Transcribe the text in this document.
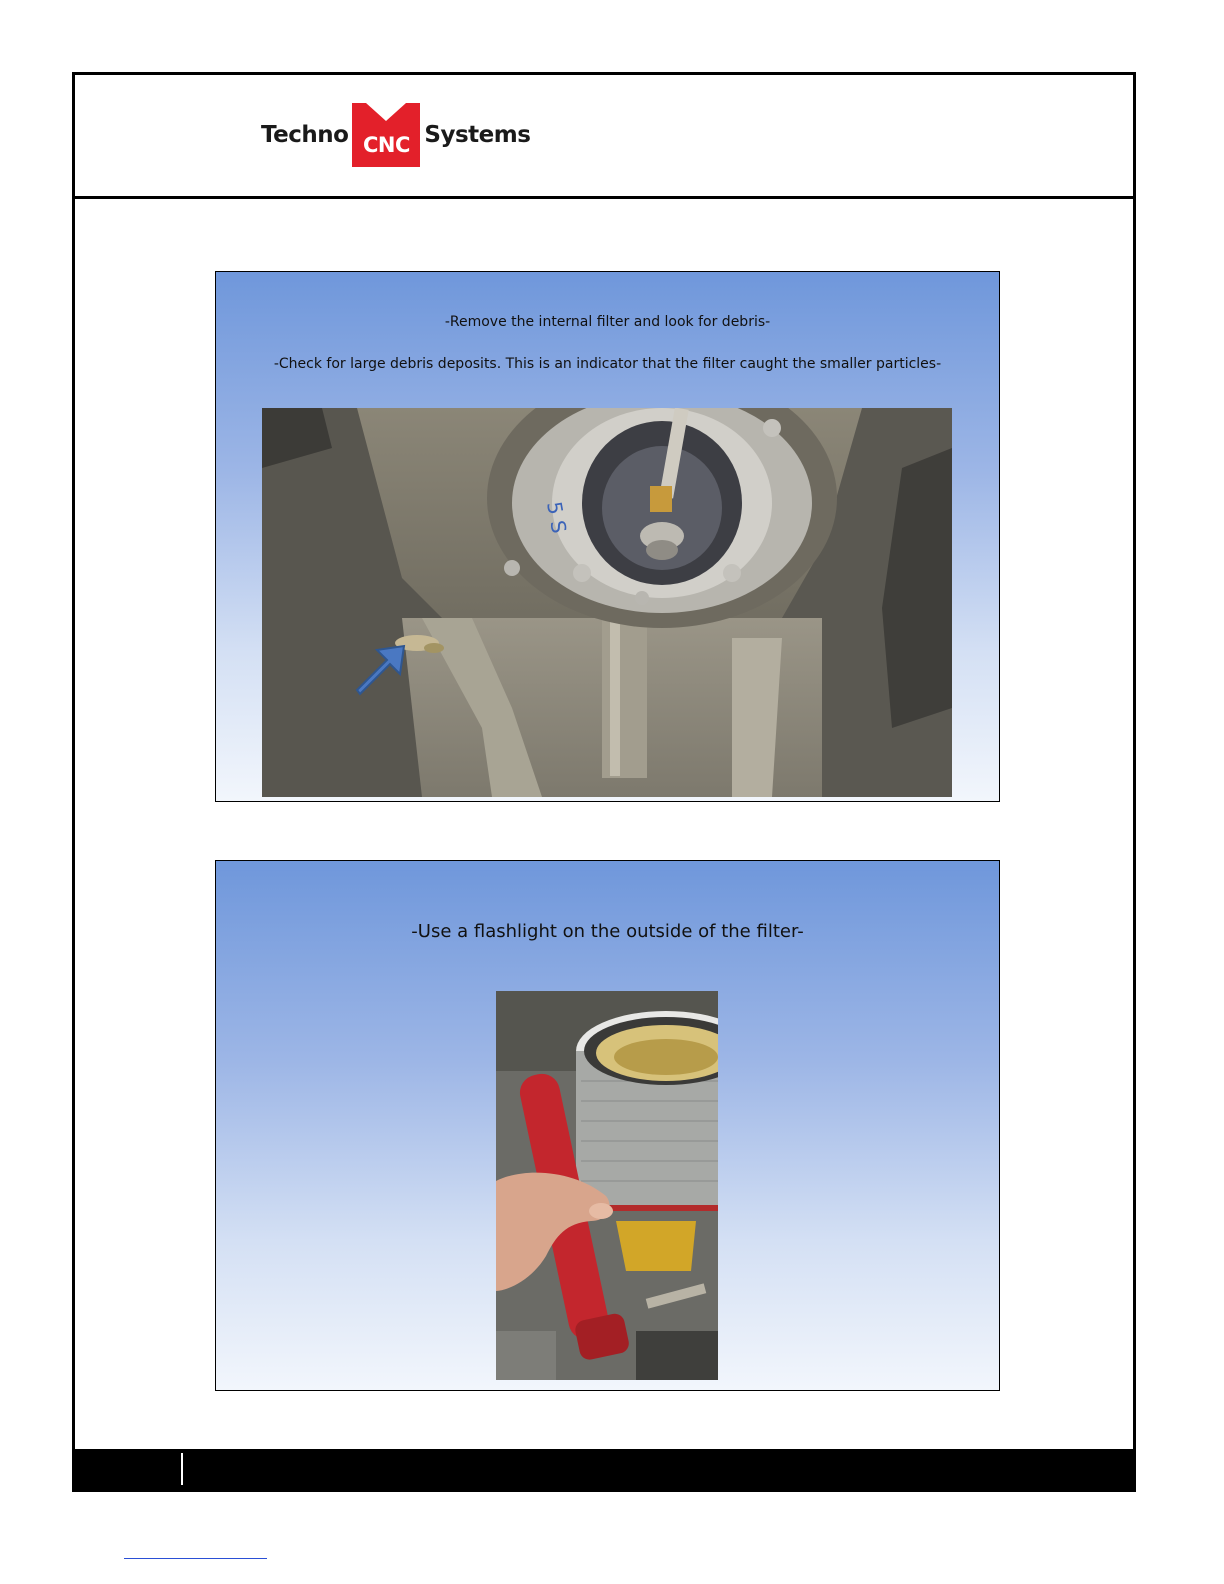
Techno CNC Systems
-Remove the internal filter and look for debris-
-Check for large debris deposits. This is an indicator that the filter caught the smaller particles-
5 S
-Use a flashlight on the outside of the filter-
